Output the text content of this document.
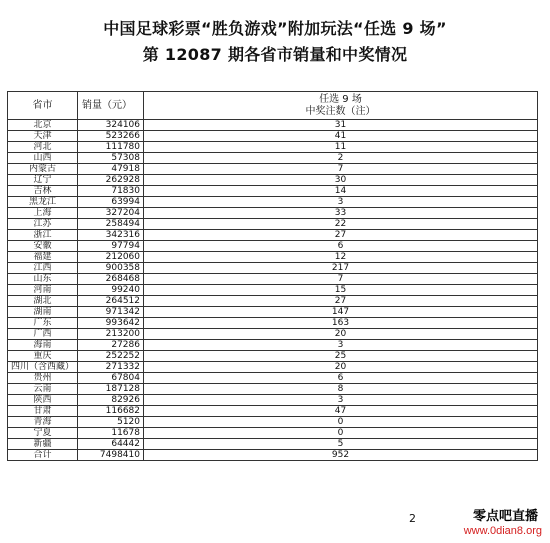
中国足球彩票“胜负游戏”附加玩法“任选 9 场”
第 12087 期各省市销量和中奖情况
省市	销量（元）	任选 9 场
中奖注数（注）

北京	324106	31
天津	523266	41
河北	111780	11
山西	57308	2
内蒙古	47918	7
辽宁	262928	30
吉林	71830	14
黑龙江	63994	3
上海	327204	33
江苏	258494	22
浙江	342316	27
安徽	97794	6
福建	212060	12
江西	900358	217
山东	268468	7
河南	99240	15
湖北	264512	27
湖南	971342	147
广东	993642	163
广西	213200	20
海南	27286	3
重庆	252252	25
四川（含西藏）	271332	20
贵州	67804	6
云南	187128	8
陕西	82926	3
甘肃	116682	47
青海	5120	0
宁夏	11678	0
新疆	64442	5
合计	7498410	952
2	零点吧直播
www.0dian8.org
